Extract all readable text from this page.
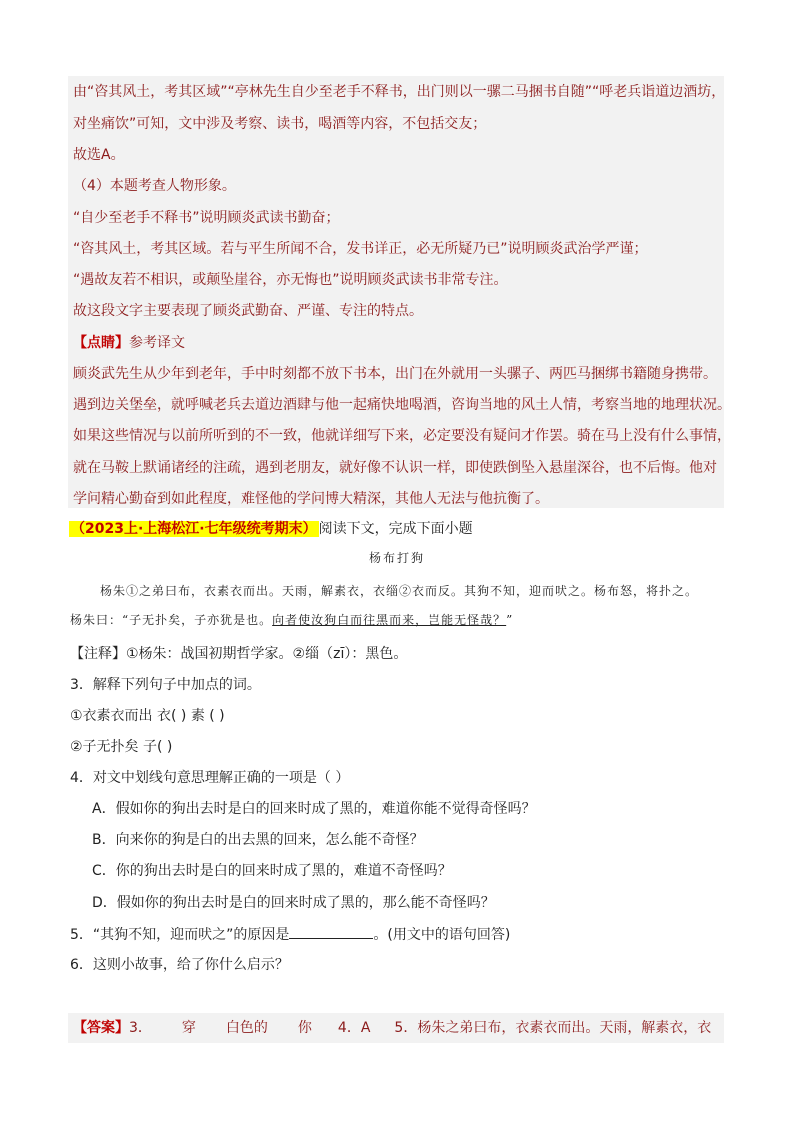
由“咨其风土，考其区域”“亭林先生自少至老手不释书，出门则以一骡二马捆书自随”“呼老兵诣道边酒坊，
对坐痛饮”可知，文中涉及考察、读书，喝酒等内容，不包括交友；
故选A。
（4）本题考查人物形象。
“自少至老手不释书”说明顾炎武读书勤奋；
“咨其风土，考其区域。若与平生所闻不合，发书详正，必无所疑乃已”说明顾炎武治学严谨；
“遇故友若不相识，或颠坠崖谷，亦无悔也”说明顾炎武读书非常专注。
故这段文字主要表现了顾炎武勤奋、严谨、专注的特点。
【点睛】参考译文
顾炎武先生从少年到老年，手中时刻都不放下书本，出门在外就用一头骡子、两匹马捆绑书籍随身携带。
遇到边关堡垒，就呼喊老兵去道边酒肆与他一起痛快地喝酒，咨询当地的风土人情，考察当地的地理状况。
如果这些情况与以前所听到的不一致，他就详细写下来，必定要没有疑问才作罢。骑在马上没有什么事情，
就在马鞍上默诵诸经的注疏，遇到老朋友，就好像不认识一样，即使跌倒坠入悬崖深谷，也不后悔。他对
学问精心勤奋到如此程度，难怪他的学问博大精深，其他人无法与他抗衡了。
（2023上·上海松江·七年级统考期末） 阅读下文，完成下面小题
杨布打狗
杨朱①之弟曰布，衣素衣而出。天雨，解素衣，衣缁②衣而反。其狗不知，迎而吠之。杨布怒，将扑之。
杨朱曰：“子无扑矣，子亦犹是也。向者使汝狗白而往黑而来，岂能无怪哉？”
【注释】①杨朱：战国初期哲学家。②缁（zī）：黑色。
3．解释下列句子中加点的词。
①衣素衣而出 衣( ) 素 ( )
②子无扑矣 子( )
4．对文中划线句意思理解正确的一项是（ ）
A．假如你的狗出去时是白的回来时成了黑的，难道你能不觉得奇怪吗？
B．向来你的狗是白的出去黑的回来，怎么能不奇怪？
C．你的狗出去时是白的回来时成了黑的，难道不奇怪吗？
D．假如你的狗出去时是白的回来时成了黑的，那么能不奇怪吗？
5．“其狗不知，迎而吠之”的原因是	。(用文中的语句回答)
6．这则小故事，给了你什么启示？
【答案】3． 穿 白色的 你 4．A 5．杨朱之弟曰布，衣素衣而出。天雨，解素衣，衣
